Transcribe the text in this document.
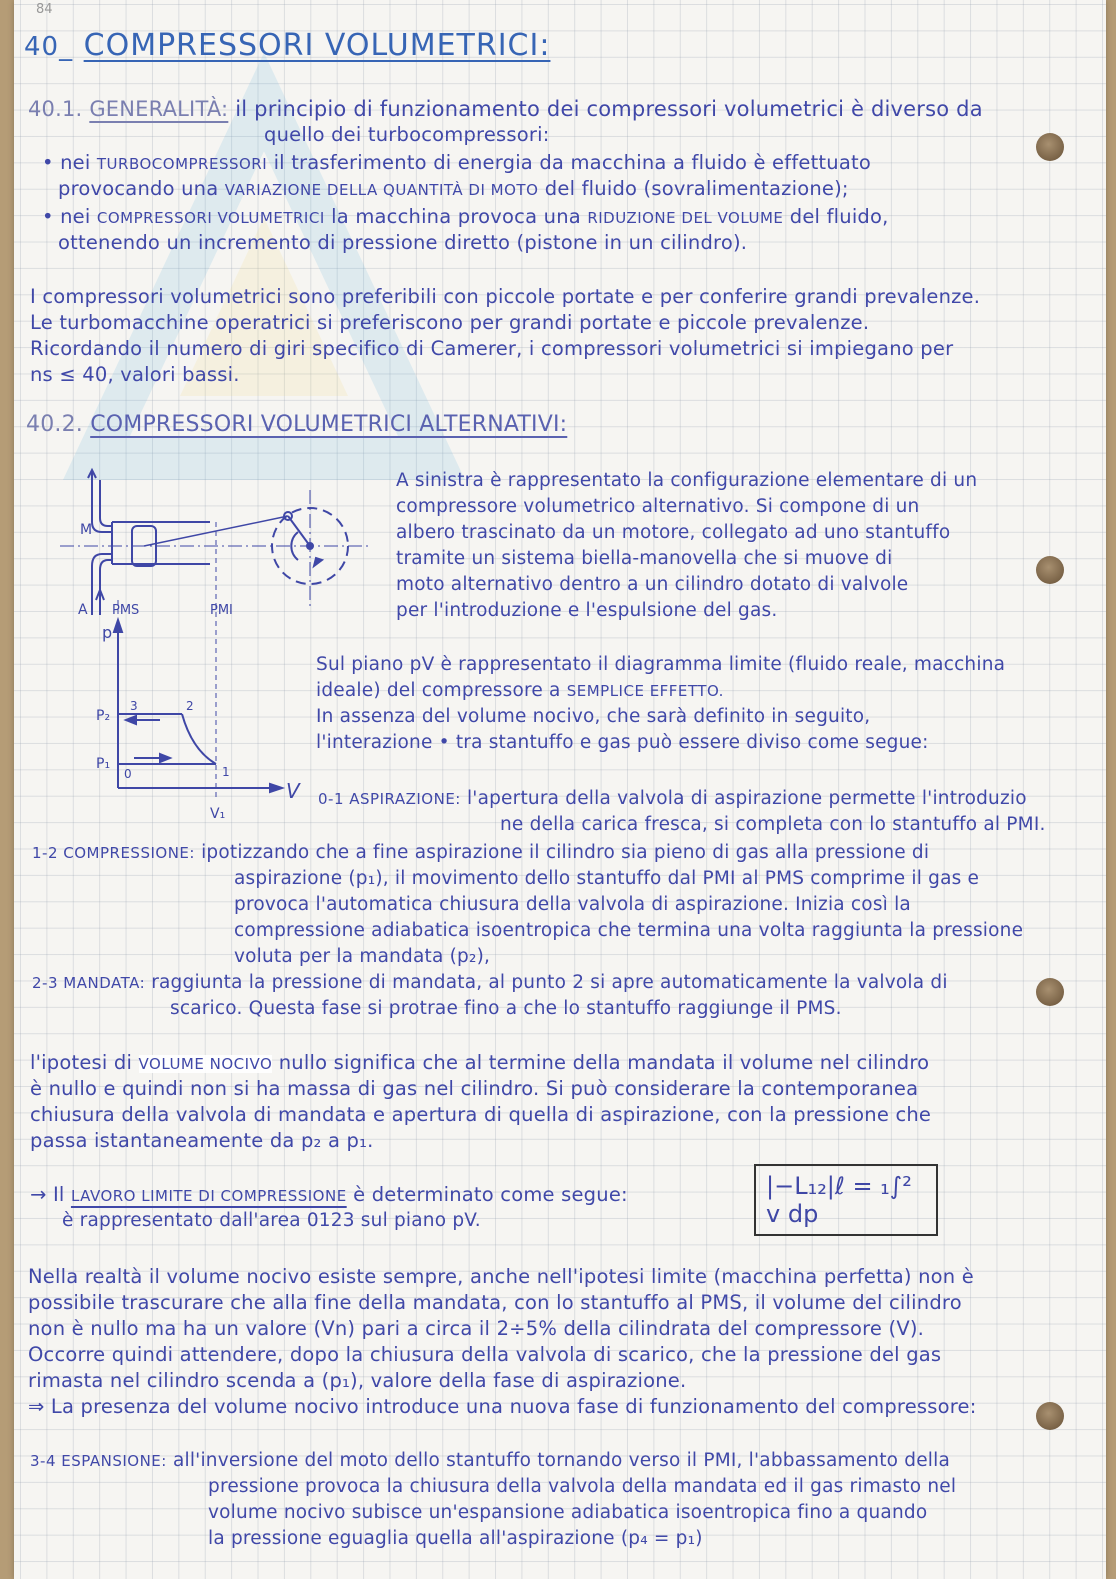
84
40_ COMPRESSORI VOLUMETRICI:
40.1. GENERALITÀ: il principio di funzionamento dei compressori volumetrici è diverso da
quello dei turbocompressori:
• nei TURBOCOMPRESSORI il trasferimento di energia da macchina a fluido è effettuato
provocando una VARIAZIONE DELLA QUANTITÀ DI MOTO del fluido (sovralimentazione);
• nei COMPRESSORI VOLUMETRICI la macchina provoca una RIDUZIONE DEL VOLUME del fluido,
ottenendo un incremento di pressione diretto (pistone in un cilindro).
I compressori volumetrici sono preferibili con piccole portate e per conferire grandi prevalenze.
Le turbomacchine operatrici si preferiscono per grandi portate e piccole prevalenze.
Ricordando il numero di giri specifico di Camerer, i compressori volumetrici si impiegano per
ns ≤ 40, valori bassi.
40.2. COMPRESSORI VOLUMETRICI ALTERNATIVI:
M
A PMS	PMI
p
V
P₂
P₁
V₁
0	1
2
3
A sinistra è rappresentato la configurazione elementare di un
compressore volumetrico alternativo. Si compone di un
albero trascinato da un motore, collegato ad uno stantuffo
tramite un sistema biella-manovella che si muove di
moto alternativo dentro a un cilindro dotato di valvole
per l'introduzione e l'espulsione del gas.
Sul piano pV è rappresentato il diagramma limite (fluido reale, macchina
ideale) del compressore a SEMPLICE EFFETTO.
In assenza del volume nocivo, che sarà definito in seguito,
l'interazione • tra stantuffo e gas può essere diviso come segue:
0-1 ASPIRAZIONE: l'apertura della valvola di aspirazione permette l'introduzio
ne della carica fresca, si completa con lo stantuffo al PMI.
1-2 COMPRESSIONE: ipotizzando che a fine aspirazione il cilindro sia pieno di gas alla pressione di
aspirazione (p₁), il movimento dello stantuffo dal PMI al PMS comprime il gas e
provoca l'automatica chiusura della valvola di aspirazione. Inizia così la
compressione adiabatica isoentropica che termina una volta raggiunta la pressione
voluta per la mandata (p₂),
2-3 MANDATA: raggiunta la pressione di mandata, al punto 2 si apre automaticamente la valvola di
scarico. Questa fase si protrae fino a che lo stantuffo raggiunge il PMS.
l'ipotesi di VOLUME NOCIVO nullo significa che al termine della mandata il volume nel cilindro
è nullo e quindi non si ha massa di gas nel cilindro. Si può considerare la contemporanea
chiusura della valvola di mandata e apertura di quella di aspirazione, con la pressione che
passa istantaneamente da p₂ a p₁.
→ Il LAVORO LIMITE DI COMPRESSIONE è determinato come segue:
è rappresentato dall'area 0123 sul piano pV.
|−L₁₂|ℓ = ₁∫² v dp
Nella realtà il volume nocivo esiste sempre, anche nell'ipotesi limite (macchina perfetta) non è
possibile trascurare che alla fine della mandata, con lo stantuffo al PMS, il volume del cilindro
non è nullo ma ha un valore (Vn) pari a circa il 2÷5% della cilindrata del compressore (V).
Occorre quindi attendere, dopo la chiusura della valvola di scarico, che la pressione del gas
rimasta nel cilindro scenda a (p₁), valore della fase di aspirazione.
⇒ La presenza del volume nocivo introduce una nuova fase di funzionamento del compressore:
3-4 ESPANSIONE: all'inversione del moto dello stantuffo tornando verso il PMI, l'abbassamento della
pressione provoca la chiusura della valvola della mandata ed il gas rimasto nel
volume nocivo subisce un'espansione adiabatica isoentropica fino a quando
la pressione eguaglia quella all'aspirazione (p₄ = p₁)
